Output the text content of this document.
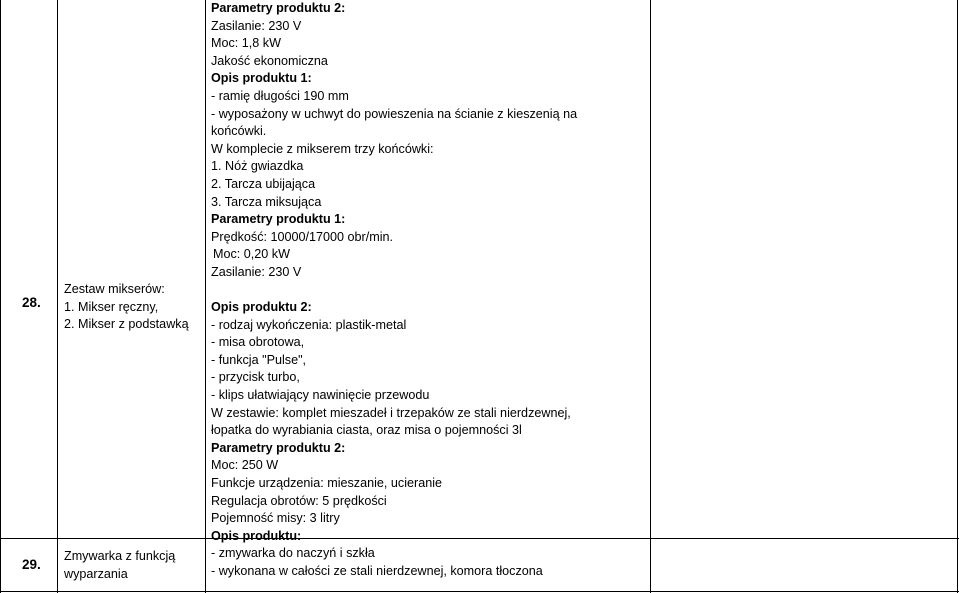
28.
Zestaw mikserów:
1. Mikser ręczny,
2. Mikser z podstawką
29.
Zmywarka z funkcją
wyparzania
Parametry produktu 2:
Zasilanie: 230 V
Moc: 1,8 kW
Jakość ekonomiczna
Opis produktu 1:
- ramię długości 190 mm
- wyposażony w uchwyt do powieszenia na ścianie z kieszenią na
końcówki.
W komplecie z mikserem trzy końcówki:
1. Nóż gwiazdka
2. Tarcza ubijająca
3. Tarcza miksująca
Parametry produktu 1:
Prędkość: 10000/17000 obr/min.
Moc: 0,20 kW
Zasilanie: 230 V
Opis produktu 2:
- rodzaj wykończenia: plastik-metal
- misa obrotowa,
- funkcja "Pulse",
- przycisk turbo,
- klips ułatwiający nawinięcie przewodu
W zestawie: komplet mieszadeł i trzepaków ze stali nierdzewnej,
łopatka do wyrabiania ciasta, oraz misa o pojemności 3l
Parametry produktu 2:
Moc: 250 W
Funkcje urządzenia: mieszanie, ucieranie
Regulacja obrotów: 5 prędkości
Pojemność misy: 3 litry
Opis produktu:
- zmywarka do naczyń i szkła
- wykonana w całości ze stali nierdzewnej, komora tłoczona
